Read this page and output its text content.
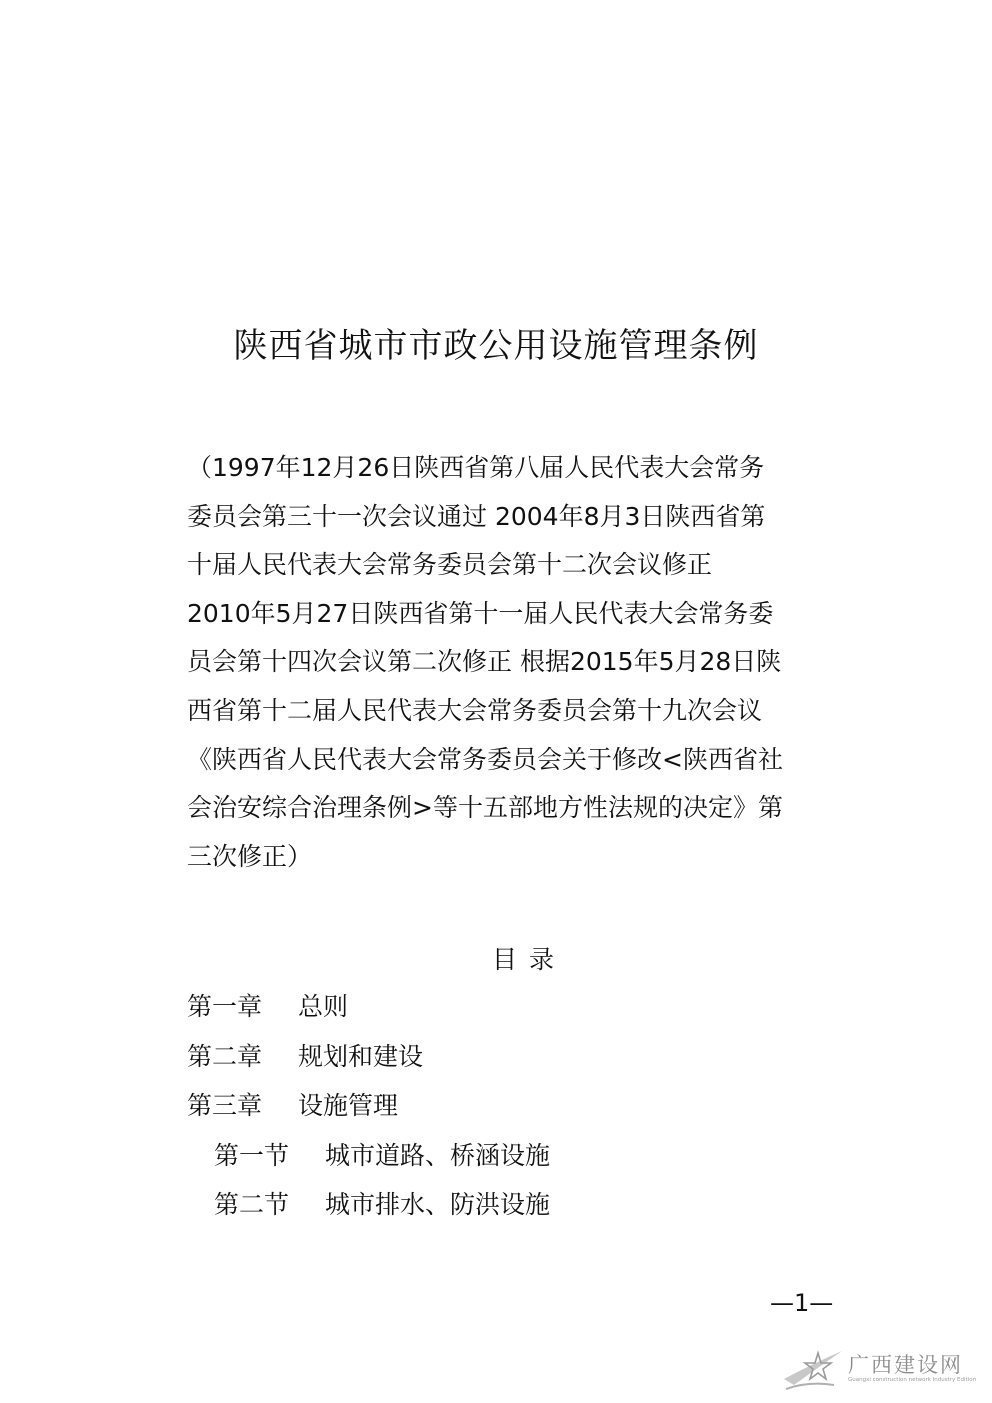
陕西省城市市政公用设施管理条例
（1997年12月26日陕西省第八届人民代表大会常务
委员会第三十一次会议通过 2004年8月3日陕西省第
十届人民代表大会常务委员会第十二次会议修正
2010年5月27日陕西省第十一届人民代表大会常务委
员会第十四次会议第二次修正 根据2015年5月28日陕
西省第十二届人民代表大会常务委员会第十九次会议
《陕西省人民代表大会常务委员会关于修改<陕西省社
会治安综合治理条例>等十五部地方性法规的决定》第
三次修正）
目录
第一章	总则
第二章	规划和建设
第三章	设施管理
第一节	城市道路、桥涵设施
第二节	城市排水、防洪设施
—1—
广西建设网
Guangxi construction network Industry Edition
